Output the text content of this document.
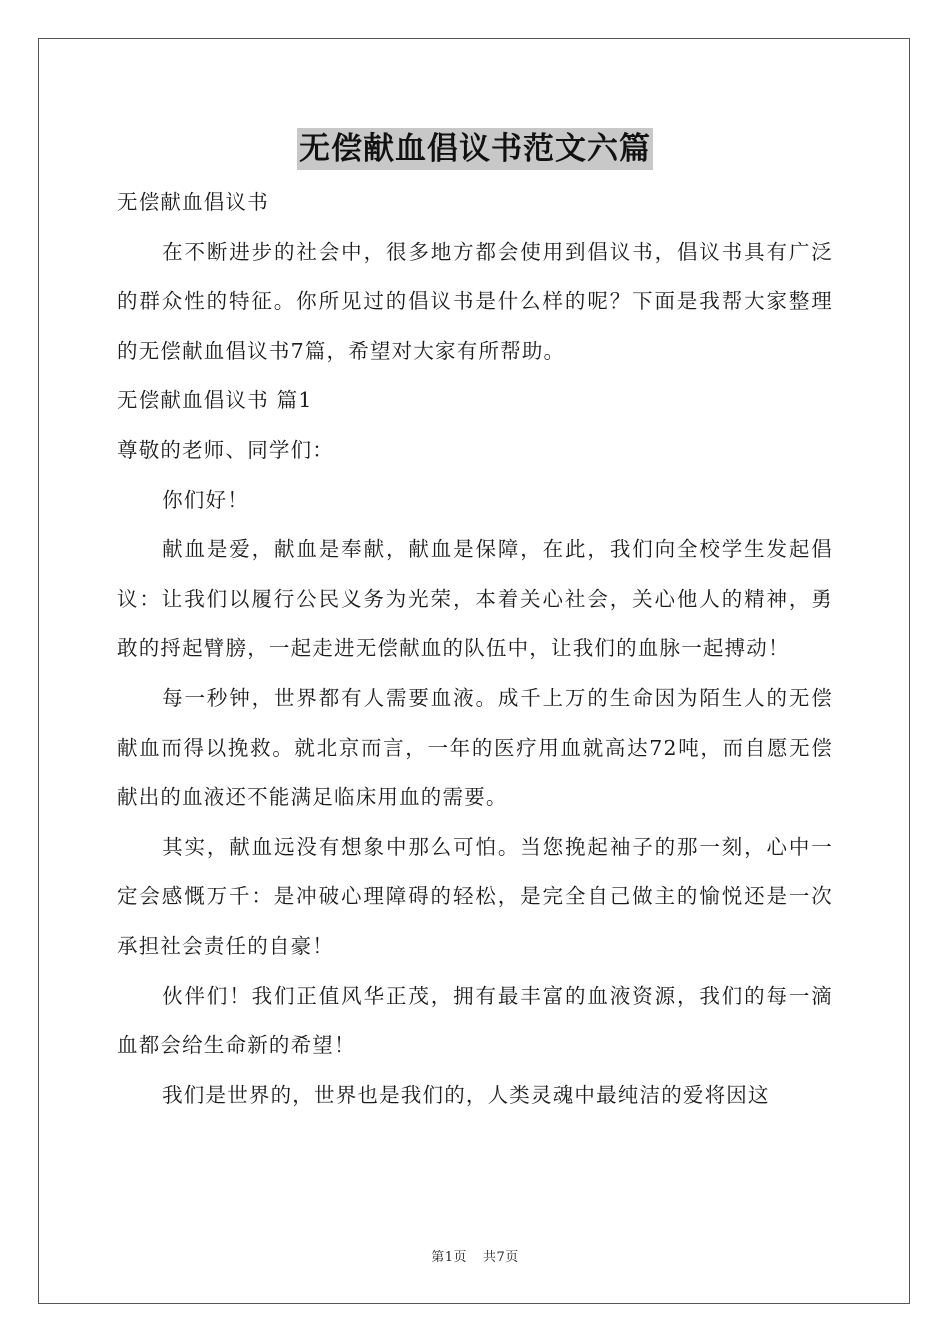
无偿献血倡议书范文六篇

无偿献血倡议书

在不断进步的社会中，很多地方都会使用到倡议书，倡议书具有广泛的群众性的特征。你所见过的倡议书是什么样的呢？下面是我帮大家整理的无偿献血倡议书7篇，希望对大家有所帮助。

无偿献血倡议书 篇1

尊敬的老师、同学们：

你们好！

献血是爱，献血是奉献，献血是保障，在此，我们向全校学生发起倡议：让我们以履行公民义务为光荣，本着关心社会，关心他人的精神，勇敢的捋起臂膀，一起走进无偿献血的队伍中，让我们的血脉一起搏动！

每一秒钟，世界都有人需要血液。成千上万的生命因为陌生人的无偿献血而得以挽救。就北京而言，一年的医疗用血就高达72吨，而自愿无偿献出的血液还不能满足临床用血的需要。

其实，献血远没有想象中那么可怕。当您挽起袖子的那一刻，心中一定会感慨万千：是冲破心理障碍的轻松，是完全自己做主的愉悦还是一次承担社会责任的自豪！

伙伴们！我们正值风华正茂，拥有最丰富的血液资源，我们的每一滴血都会给生命新的希望！

我们是世界的，世界也是我们的，人类灵魂中最纯洁的爱将因这

第1页 共7页
